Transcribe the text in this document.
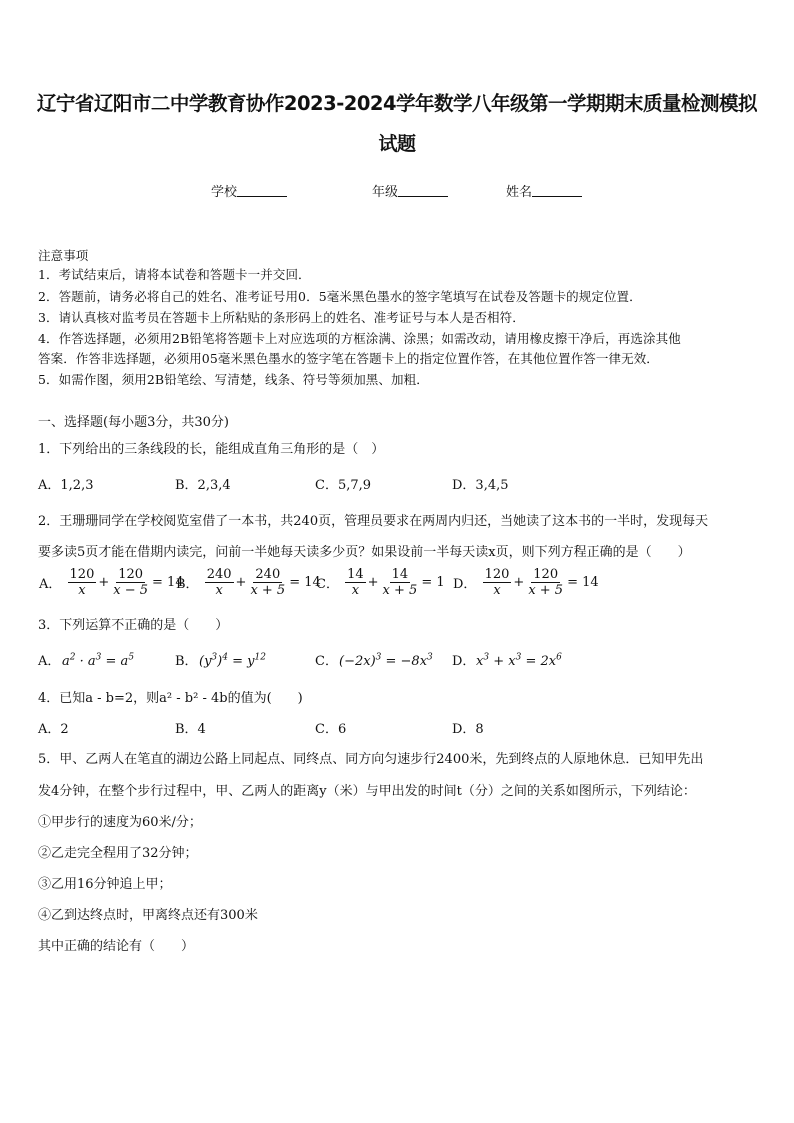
辽宁省辽阳市二中学教育协作2023-2024学年数学八年级第一学期期末质量检测模拟
试题
学校	年级	姓名
注意事项
1．考试结束后，请将本试卷和答题卡一并交回．
2．答题前，请务必将自己的姓名、准考证号用0．5毫米黑色墨水的签字笔填写在试卷及答题卡的规定位置．
3．请认真核对监考员在答题卡上所粘贴的条形码上的姓名、准考证号与本人是否相符．
4．作答选择题，必须用2B铅笔将答题卡上对应选项的方框涂满、涂黑；如需改动，请用橡皮擦干净后，再选涂其他
答案．作答非选择题，必须用05毫米黑色墨水的签字笔在答题卡上的指定位置作答，在其他位置作答一律无效．
5．如需作图，须用2B铅笔绘、写清楚，线条、符号等须加黑、加粗．
一、选择题(每小题3分，共30分)
1．下列给出的三条线段的长，能组成直角三角形的是（　）
A．1,2,3	B．2,3,4	C．5,7,9	D．3,4,5
2．王珊珊同学在学校阅览室借了一本书，共240页，管理员要求在两周内归还，当她读了这本书的一半时，发现每天
要多读5页才能在借期内读完，问前一半她每天读多少页？如果设前一半每天读x页，则下列方程正确的是（　　）
A． $\frac{120}{x} + \frac{120}{x - 5} = 14$
B． $\frac{240}{x} + \frac{240}{x + 5} = 14$
C． $\frac{14}{x} + \frac{14}{x + 5} = 1$ D． $\frac{120}{x} + \frac{120}{x + 5} = 14$
3．下列运算不正确的是（　　）
A． $a^2 \cdot a^3 = a^5$	B．$(y^3)^4 = y^{12}$	C．$(-2x)^3 = -8x^3$ D．$x^3 + x^3 = 2x^6$
4．已知a - b=2，则a² - b² - 4b的值为(　　)
A．2	B．4	C．6	D．8
5．甲、乙两人在笔直的湖边公路上同起点、同终点、同方向匀速步行2400米，先到终点的人原地休息．已知甲先出
发4分钟，在整个步行过程中，甲、乙两人的距离y（米）与甲出发的时间t（分）之间的关系如图所示，下列结论：
①甲步行的速度为60米/分；
②乙走完全程用了32分钟；
③乙用16分钟追上甲；
④乙到达终点时，甲离终点还有300米
其中正确的结论有（　　）
